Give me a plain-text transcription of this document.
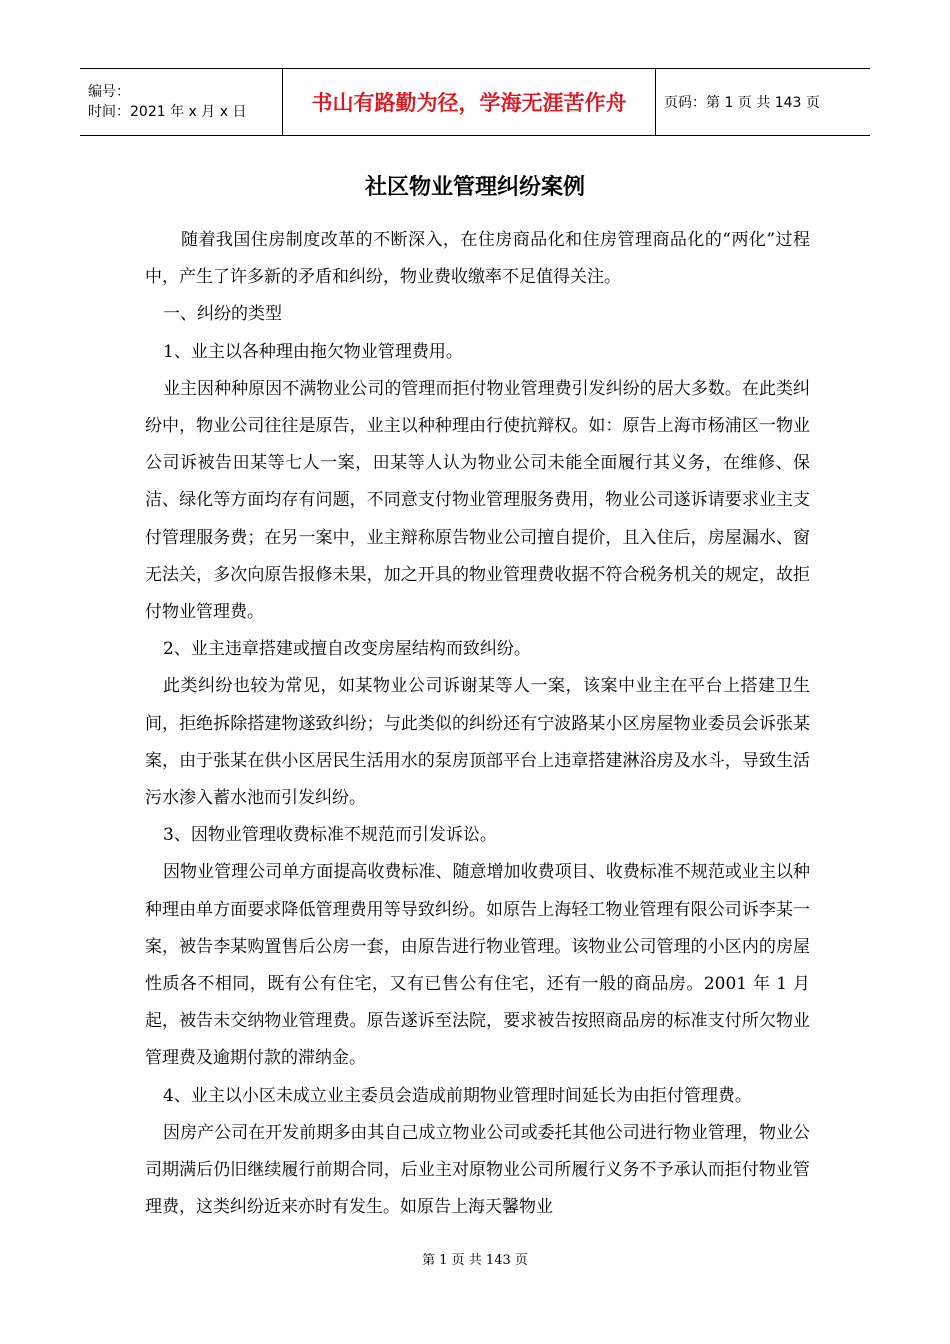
编号：
时间：2021 年 x 月 x 日	书山有路勤为径，学海无涯苦作舟	页码：第 1 页 共 143 页
社区物业管理纠纷案例

随着我国住房制度改革的不断深入，在住房商品化和住房管理商品化的“两化”过程中，产生了许多新的矛盾和纠纷，物业费收缴率不足值得关注。

一、纠纷的类型

1、业主以各种理由拖欠物业管理费用。

业主因种种原因不满物业公司的管理而拒付物业管理费引发纠纷的居大多数。在此类纠纷中，物业公司往往是原告，业主以种种理由行使抗辩权。如：原告上海市杨浦区一物业公司诉被告田某等七人一案，田某等人认为物业公司未能全面履行其义务，在维修、保洁、绿化等方面均存有问题，不同意支付物业管理服务费用，物业公司遂诉请要求业主支付管理服务费；在另一案中，业主辩称原告物业公司擅自提价，且入住后，房屋漏水、窗无法关，多次向原告报修未果，加之开具的物业管理费收据不符合税务机关的规定，故拒付物业管理费。

2、业主违章搭建或擅自改变房屋结构而致纠纷。

此类纠纷也较为常见，如某物业公司诉谢某等人一案，该案中业主在平台上搭建卫生间，拒绝拆除搭建物遂致纠纷；与此类似的纠纷还有宁波路某小区房屋物业委员会诉张某案，由于张某在供小区居民生活用水的泵房顶部平台上违章搭建淋浴房及水斗，导致生活污水渗入蓄水池而引发纠纷。

3、因物业管理收费标准不规范而引发诉讼。

因物业管理公司单方面提高收费标准、随意增加收费项目、收费标准不规范或业主以种种理由单方面要求降低管理费用等导致纠纷。如原告上海轻工物业管理有限公司诉李某一案，被告李某购置售后公房一套，由原告进行物业管理。该物业公司管理的小区内的房屋性质各不相同，既有公有住宅，又有已售公有住宅，还有一般的商品房。2001 年 1 月起，被告未交纳物业管理费。原告遂诉至法院，要求被告按照商品房的标准支付所欠物业管理费及逾期付款的滞纳金。

4、业主以小区未成立业主委员会造成前期物业管理时间延长为由拒付管理费。

因房产公司在开发前期多由其自己成立物业公司或委托其他公司进行物业管理，物业公司期满后仍旧继续履行前期合同，后业主对原物业公司所履行义务不予承认而拒付物业管理费，这类纠纷近来亦时有发生。如原告上海天馨物业

第 1 页 共 143 页
